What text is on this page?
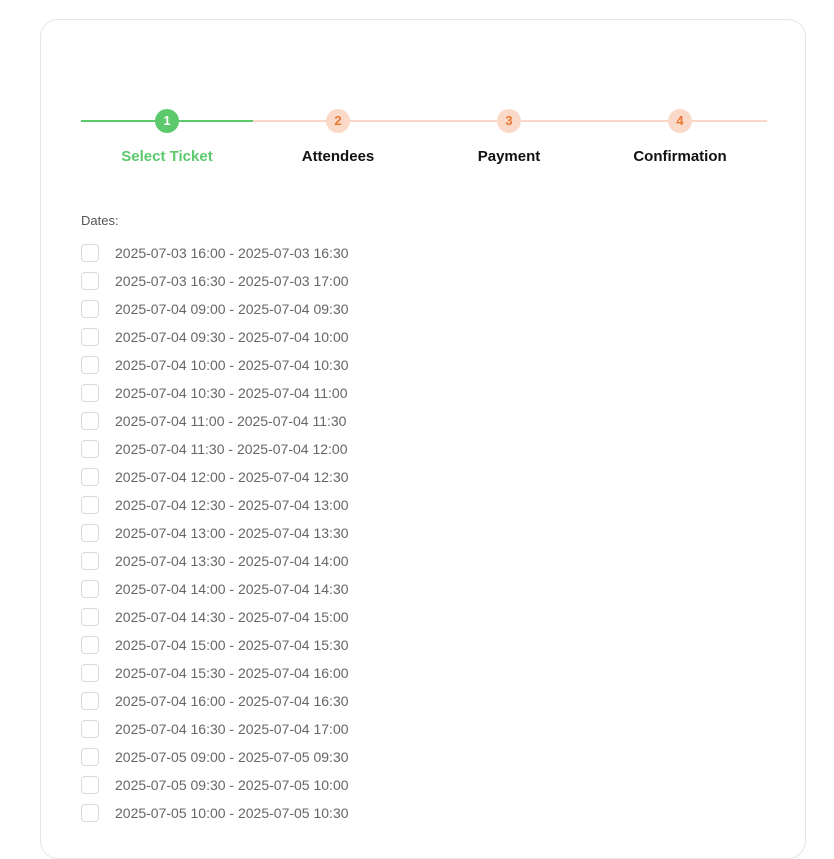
1
Select Ticket
2
Attendees
3
Payment
4
Confirmation
Dates:
2025-07-03 16:00 - 2025-07-03 16:30
2025-07-03 16:30 - 2025-07-03 17:00
2025-07-04 09:00 - 2025-07-04 09:30
2025-07-04 09:30 - 2025-07-04 10:00
2025-07-04 10:00 - 2025-07-04 10:30
2025-07-04 10:30 - 2025-07-04 11:00
2025-07-04 11:00 - 2025-07-04 11:30
2025-07-04 11:30 - 2025-07-04 12:00
2025-07-04 12:00 - 2025-07-04 12:30
2025-07-04 12:30 - 2025-07-04 13:00
2025-07-04 13:00 - 2025-07-04 13:30
2025-07-04 13:30 - 2025-07-04 14:00
2025-07-04 14:00 - 2025-07-04 14:30
2025-07-04 14:30 - 2025-07-04 15:00
2025-07-04 15:00 - 2025-07-04 15:30
2025-07-04 15:30 - 2025-07-04 16:00
2025-07-04 16:00 - 2025-07-04 16:30
2025-07-04 16:30 - 2025-07-04 17:00
2025-07-05 09:00 - 2025-07-05 09:30
2025-07-05 09:30 - 2025-07-05 10:00
2025-07-05 10:00 - 2025-07-05 10:30
